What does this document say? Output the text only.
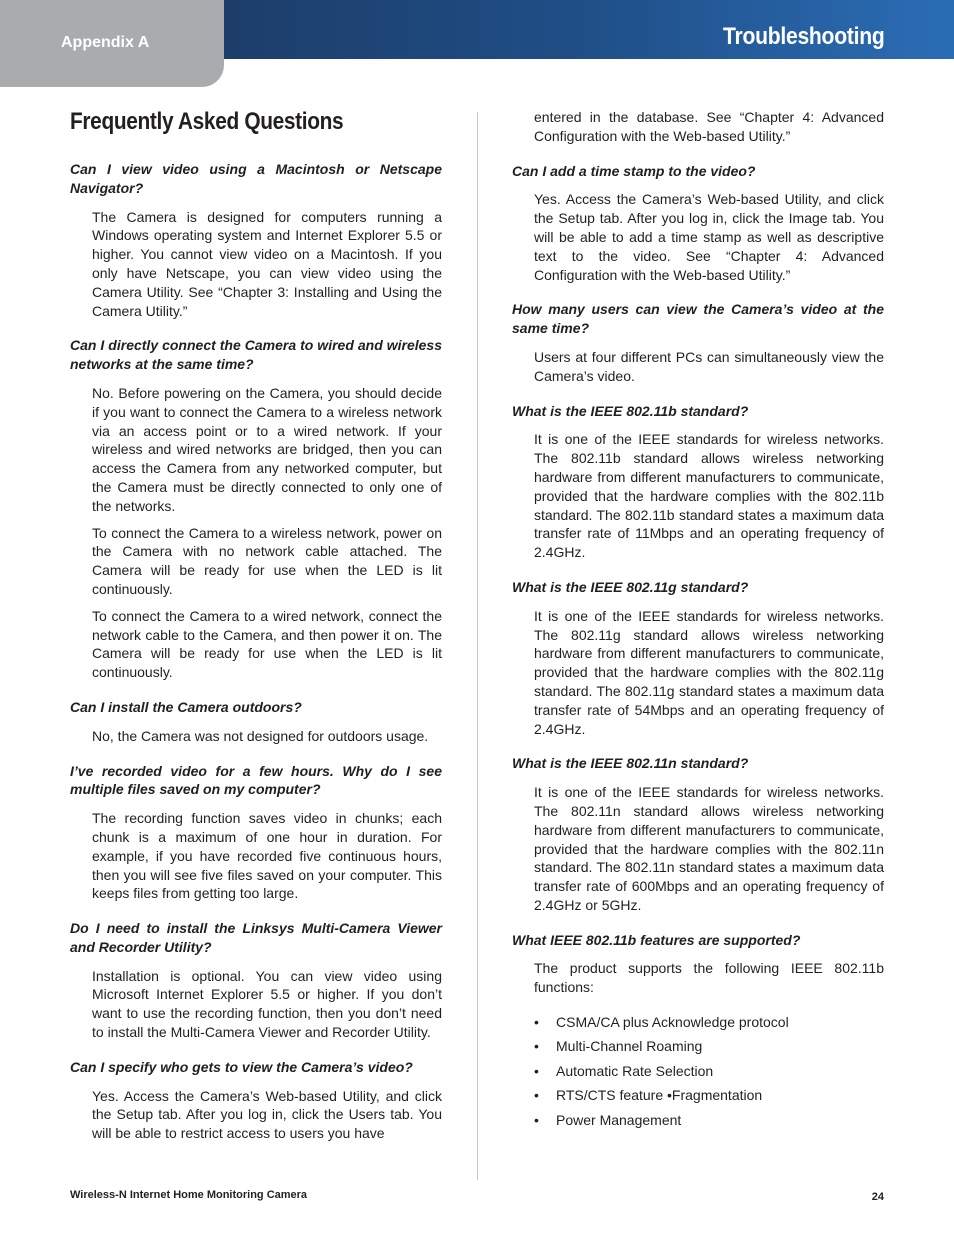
Appendix A	Troubleshooting
Frequently Asked Questions

Can I view video using a Macintosh or Netscape Navigator?

The Camera is designed for computers running a Windows operating system and Internet Explorer 5.5 or higher. You cannot view video on a Macintosh. If you only have Netscape, you can view video using the Camera Utility. See “Chapter 3: Installing and Using the Camera Utility.”

Can I directly connect the Camera to wired and wireless networks at the same time?

No. Before powering on the Camera, you should decide if you want to connect the Camera to a wireless network via an access point or to a wired network. If your wireless and wired networks are bridged, then you can access the Camera from any networked computer, but the Camera must be directly connected to only one of the networks.

To connect the Camera to a wireless network, power on the Camera with no network cable attached. The Camera will be ready for use when the LED is lit continuously.

To connect the Camera to a wired network, connect the network cable to the Camera, and then power it on. The Camera will be ready for use when the LED is lit continuously.

Can I install the Camera outdoors?

No, the Camera was not designed for outdoors usage.

I’ve recorded video for a few hours. Why do I see multiple files saved on my computer?

The recording function saves video in chunks; each chunk is a maximum of one hour in duration. For example, if you have recorded five continuous hours, then you will see five files saved on your computer. This keeps files from getting too large.

Do I need to install the Linksys Multi-Camera Viewer and Recorder Utility?

Installation is optional. You can view video using Microsoft Internet Explorer 5.5 or higher. If you don’t want to use the recording function, then you don’t need to install the Multi-Camera Viewer and Recorder Utility.

Can I specify who gets to view the Camera’s video?

Yes. Access the Camera’s Web-based Utility, and click the Setup tab. After you log in, click the Users tab. You will be able to restrict access to users you have

entered in the database. See “Chapter 4: Advanced Configuration with the Web-based Utility.”

Can I add a time stamp to the video?

Yes. Access the Camera’s Web-based Utility, and click the Setup tab. After you log in, click the Image tab. You will be able to add a time stamp as well as descriptive text to the video. See “Chapter 4: Advanced Configuration with the Web-based Utility.”

How many users can view the Camera’s video at the same time?

Users at four different PCs can simultaneously view the Camera’s video.

What is the IEEE 802.11b standard?

It is one of the IEEE standards for wireless networks. The 802.11b standard allows wireless networking hardware from different manufacturers to communicate, provided that the hardware complies with the 802.11b standard. The 802.11b standard states a maximum data transfer rate of 11Mbps and an operating frequency of 2.4GHz.

What is the IEEE 802.11g standard?

It is one of the IEEE standards for wireless networks. The 802.11g standard allows wireless networking hardware from different manufacturers to communicate, provided that the hardware complies with the 802.11g standard. The 802.11g standard states a maximum data transfer rate of 54Mbps and an operating frequency of 2.4GHz.

What is the IEEE 802.11n standard?

It is one of the IEEE standards for wireless networks. The 802.11n standard allows wireless networking hardware from different manufacturers to communicate, provided that the hardware complies with the 802.11n standard. The 802.11n standard states a maximum data transfer rate of 600Mbps and an operating frequency of 2.4GHz or 5GHz.

What IEEE 802.11b features are supported?

The product supports the following IEEE 802.11b functions:

• CSMA/CA plus Acknowledge protocol
• Multi-Channel Roaming
• Automatic Rate Selection
• RTS/CTS feature •Fragmentation
• Power Management
Wireless-N Internet Home Monitoring Camera	24
